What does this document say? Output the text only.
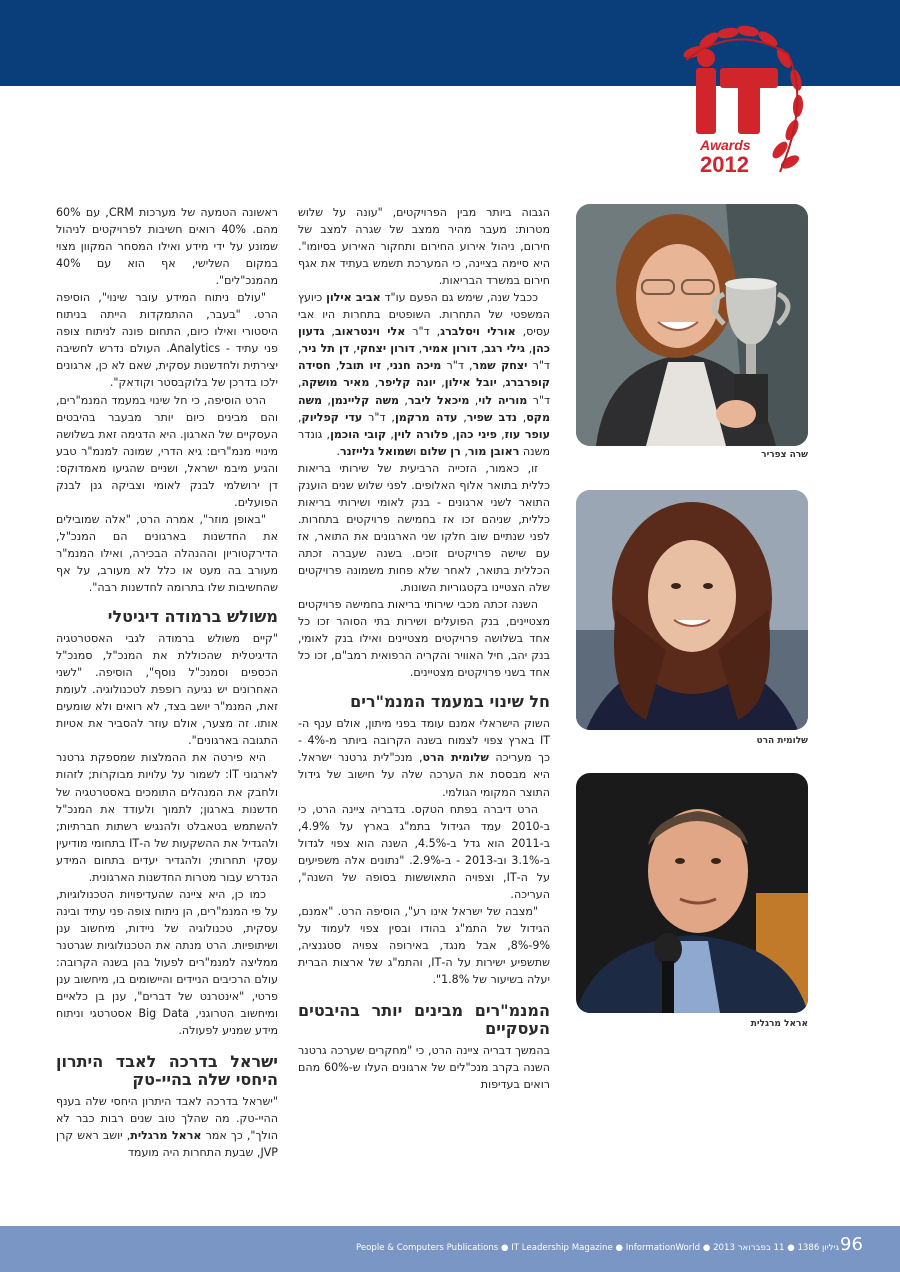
Awards
2012
שרה צפריר
שלומית הרט
אראל מרגלית

הגבוה ביותר מבין הפרויקטים, "עונה על שלוש מטרות: מעבר מהיר ממצב של שגרה למצב של חירום, ניהול אירוע החירום ותחקור האירוע בסיומו". היא סיימה בציינה, כי המערכת תשמש בעתיד את אגף חירום במשרד הבריאות.

ככבל שנה, שימש גם הפעם עו"ד אביב אילון כיועץ המשפטי של התחרות. השופטים בתחרות היו אבי עסיס, אורלי ויסלברג, ד"ר אלי וינטראוב, גדעון כהן, גילי רגב, דורון אמיר, דורון יצחקי, דן תל ניר, ד"ר יצחק שמר, ד"ר מיכה חנני, זיו תובל, חסידה קופרברג, יובל אילון, יונה קליפר, מאיר מושקה, ד"ר מוריה לוי, מיכאל ליבר, משה קליינמן, משה מקס, נדב שפיר, עדה מרקמן, ד"ר עדי קפליוק, עופר עוז, פיני כהן, פלורה לוין, קובי הוכמן, גונדר משנה ראובן מור, רן שלום ושמואל גלייזנר.

זו, כאמור, הזכייה הרביעית של שירותי בריאות כללית בתואר אלוף האלופים. לפני שלוש שנים הוענק התואר לשני ארגונים - בנק לאומי ושירותי בריאות כללית, שניהם זכו אז בחמישה פרויקטים בתחרות. לפני שנתיים שוב חלקו שני הארגונים את התואר, אז עם שישה פרויקטים זוכים. בשנה שעברה זכתה הכללית בתואר, לאחר שלא פחות משמונה פרויקטים שלה הצטיינו בקטגוריות השונות.

השנה זכתה מכבי שירותי בריאות בחמישה פרויקטים מצטיינים, בנק הפועלים ושירות בתי הסוהר זכו כל אחד בשלושה פרויקטים מצטיינים ואילו בנק לאומי, בנק יהב, חיל האוויר והקריה הרפואית רמב"ם, זכו כל אחד בשני פרויקטים מצטיינים.

חל שינוי במעמד המנמ"רים

השוק הישראלי אמנם עומד בפני מיתון, אולם ענף ה-IT בארץ צפוי לצמוח בשנה הקרובה ביותר מ-4% - כך מעריכה שלומית הרט, מנכ"לית גרטנר ישראל. היא מבססת את הערכה שלה על חישוב של גידול התוצר המקומי הגולמי.

הרט דיברה בפתח הטקס. בדבריה ציינה הרט, כי ב-2010 עמד הגידול בתמ"ג בארץ על 4.9%, ב-2011 הוא גדל ב-4.5%, השנה הוא צפוי לגדול ב-3.1% וב-2013 - ב-2.9%. "נתונים אלה משפיעים על ה-IT, וצפויה התאוששות בסופה של השנה", העריכה.

"מצבה של ישראל אינו רע", הוסיפה הרט. "אמנם, הגידול של התמ"ג בהודו ובסין צפוי לעמוד על 9%-8%, אבל מנגד, באירופה צפויה סטגנציה, שתשפיע ישירות על ה-IT, והתמ"ג של ארצות הברית יעלה בשיעור של 1.8%".

המנמ"רים מבינים יותר בהיבטים העסקיים

בהמשך דבריה ציינה הרט, כי "מחקרים שערכה גרטנר השנה בקרב מנכ"לים של ארגונים העלו ש-60% מהם רואים בעדיפות

ראשונה הטמעה של מערכות CRM, עם 60% מהם. 40% רואים חשיבות לפרויקטים לניהול שמונע על ידי מידע ואילו המסחר המקוון מצוי במקום השלישי, אף הוא עם 40% מהמנכ"לים".

"עולם ניתוח המידע עובר שינוי", הוסיפה הרט. "בעבר, ההתמקדות הייתה בניתוח היסטורי ואילו כיום, התחום פונה לניתוח צופה פני עתיד - Analytics. העולם נדרש לחשיבה יצירתית ולחדשנות עסקית, שאם לא כן, ארגונים ילכו בדרכן של בלוקבסטר וקודאק".

הרט הוסיפה, כי חל שינוי במעמד המנמ"רים, והם מבינים כיום יותר מבעבר בהיבטים העסקיים של הארגון. היא הדגימה זאת בשלושה מינויי מנמ"רים: גיא הדרי, שמונה למנמ"ר טבע והגיע מיבמ ישראל, ושניים שהגיעו מאמדוקס: דן ירושלמי לבנק לאומי וצביקה גנן לבנק הפועלים.

"באופן מוזר", אמרה הרט, "אלה שמובילים את החדשנות בארגונים הם המנכ"ל, הדירקטוריון וההנהלה הבכירה, ואילו המנמ"ר מעורב בה מעט או כלל לא מעורב, על אף שהחשיבות שלו בתרומה לחדשנות רבה".

משולש ברמודה דיגיטלי

"קיים משולש ברמודה לגבי האסטרטגיה הדיגיטלית שהכוללת את המנכ"ל, סמנכ"ל הכספים וסמנכ"ל נוסף", הוסיפה. "לשני האחרונים יש נגיעה רופפת לטכנולוגיה. לעומת זאת, המנמ"ר יושב בצד, לא רואים ולא שומעים אותו. זה מצער, אולם עוזר להסביר את אטיות התגובה בארגונים".

היא פירטה את ההמלצות שמספקת גרטנר לארגוני IT: לשמור על עלויות מבוקרות; לזהות ולחבק את המנהלים התומכים באסטרטגיה של חדשנות בארגון; לתמוך ולעודד את המנכ"ל להשתמש בטאבלט ולהנגיש רשתות חברתיות; ולהגדיל את ההשקעות של ה-IT בתחומי מודיעין עסקי תחרותי; ולהגדיר יעדים בתחום המידע הנדרש עבור מטרות החדשנות הארגונית.

כמו כן, היא ציינה שהעדיפויות הטכנולוגיות, על פי המנמ"רים, הן ניתוח צופה פני עתיד ובינה עסקית, טכנולוגיה של ניידות, מיחשוב ענן ושיתופיות. הרט מנתה את הטכנולוגיות שגרטנר ממליצה למנמ"רים לפעול בהן בשנה הקרובה: עולם הרכיבים הניידים והיישומים בו, מיחשוב ענן פרטי, "אינטרנט של דברים", ענן בן כלאיים ומיחשוב הטרוגני, Big Data אסטרטגי וניתוח מידע שמניע לפעולה.

ישראל בדרכה לאבד היתרון היחסי שלה בהיי-טק

"ישראל בדרכה לאבד היתרון היחסי שלה בענף ההיי-טק. מה שהלך טוב שנים רבות כבר לא הולך", כך אמר אראל מרגלית, יושב ראש קרן JVP, שבעת התחרות היה מועמד

People & Computers Publications ● IT Leadership Magazine ● InformationWorld ● 11 בפברואר 2013 ● גיליון 1386 96
